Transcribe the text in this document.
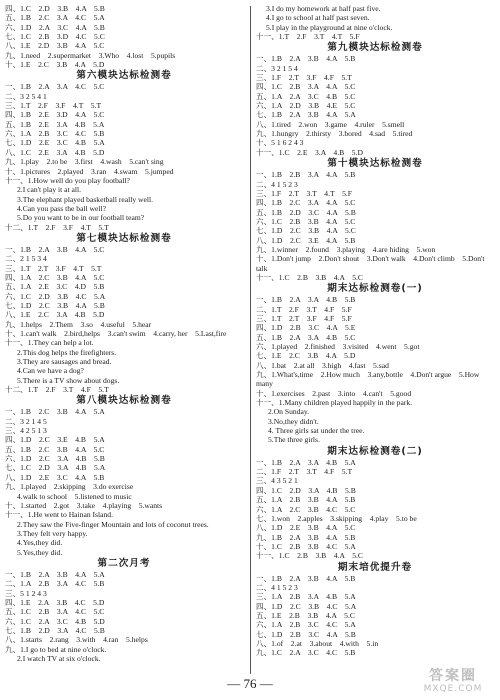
四、1.C　2.D　3.B　4.A　5.B
五、1.B　2.C　3.A　4.C　5.A
六、1.D　2.A　3.C　4.A　5.B
七、1.C　2.B　3.D　4.C　5.C
八、1.E　2.D　3.B　4.A　5.C
九、1.need　2.supermarket　3.Who　4.lost　5.pupils
十、1.E　2.C　3.B　4.A　5.D
第六模块达标检测卷
一、1.B　2.A　3.A　4.C　5.C
二、3 2 5 4 1
三、1.T　2.F　3.F　4.T　5.T
四、1.B　2.E　3.D　4.A　5.C
五、1.B　2.E　3.A　4.B　5.A
六、1.A　2.B　3.C　4.C　5.B
七、1.D　2.E　3.C　4.B　5.A
八、1.C　2.E　3.A　4.B　5.D
九、1.play　2.to be　3.first　4.wash　5.can't sing
十、1.pictures　2.played　3.ran　4.swam　5.jumped
十一、1.How well do you play football?
2.I can't play it at all.
3.The elephant played basketball really well.
4.Can you pass the ball well?
5.Do you want to be in our football team?
十二、1.T　2.F　3.F　4.T　5.T
第七模块达标检测卷
一、1.B　2.A　3.B　4.A　5.C
二、2 1 5 3 4
三、1.T　2.T　3.F　4.T　5.T
四、1.A　2.C　3.B　4.A　5.C
五、1.A　2.E　3.C　4.D　5.B
六、1.C　2.D　3.B　4.C　5.A
七、1.D　2.C　3.B　4.A　5.B
八、1.E　2.C　3.A　4.B　5.D
九、1.helps　2.Them　3.so　4.useful　5.hear
十、1.can't walk　2.bird,helps　3.can't swim　4.carry, her　5.Last,fire
十一、1.They can help a lot.
2.This dog helps the firefighters.
3.They are sausages and bread.
4.Can we have a dog?
5.There is a TV show about dogs.
十二、1.T　2.F　3.T　4.F　5.T
第八模块达标检测卷
一、1.B　2.C　3.B　4.A　5.A
二、3 2 1 4 5
三、4 2 5 1 3
四、1.D　2.C　3.E　4.B　5.A
五、1.B　2.C　3.B　4.A　5.C
六、1.D　2.C　3.A　4.B　5.B
七、1.C　2.D　3.A　4.B　5.A
八、1.D　2.E　3.C　4.A　5.B
九、1.played　2.skipping　3.do exercise
4.walk to school　5.listened to music
十、1.started　2.got　3.take　4.playing　5.wants
十一、1.He went to Hainan Island.
2.They saw the Five-finger Mountain and lots of coconut trees.
3.They felt very happy.
4.Yes,they did.
5.Yes,they did.
第二次月考
一、1.B　2.A　3.B　4.A　5.A
二、1.A　2.B　3.A　4.C　5.B
三、5 1 2 4 3
四、1.E　2.A　3.B　4.C　5.D
五、1.C　2.B　3.A　4.C　5.C
六、1.C　2.A　3.C　4.B　5.D
七、1.B　2.D　3.A　4.C　5.B
八、1.starts　2.rang　3.with　4.ran　5.helps
九、1.I go to bed at nine o'clock.
2.I watch TV at six o'clock.
3.I do my homework at half past five.
4.I go to school at half past seven.
5.I play in the playground at nine o'clock.
十一、1.T　2.F　3.T　4.T　5.F
第九模块达标检测卷
一、1.B　2.A　3.B　4.A　5.B
二、3 2 1 5 4
三、1.F　2.T　3.F　4.F　5.T
四、1.C　2.B　3.A　4.A　5.C
五、1.A　2.A　3.C　4.B　5.C
六、1.A　2.D　3.B　4.E　5.C
七、1.B　2.A　3.B　4.A　5.A
八、1.tired　2.won　3.game　4.ruler　5.smell
九、1.hungry　2.thirsty　3.bored　4.sad　5.tired
十、5 1 6 2 4 3
十一、1.C　2.E　3.A　4.B　5.D
第十模块达标检测卷
一、1.B　2.B　3.A　4.A　5.B
二、4 1 5 2 3
三、1.F　2.T　3.T　4.T　5.F
四、1.B　2.C　3.A　4.A　5.C
五、1.B　2.D　3.C　4.A　5.B
六、1.C　2.B　3.B　4.A　5.C
七、1.D　2.C　3.B　4.A　5.C
八、1.D　2.C　3.E　4.A　5.B
九、1.winner　2.found　3.playing　4.are hiding　5.won
十、1.Don't jump　2.Don't shout　3.Don't walk　4.Don't climb　5.Don't talk
十一、1.C　2.B　3.B　4.A　5.C
期末达标检测卷(一)
一、1.B　2.A　3.A　4.B　5.B
二、1.T　2.F　3.T　4.F　5.F
三、1.T　2.T　3.F　4.F　5.F
四、1.D　2.B　3.C　4.A　5.E
五、1.B　2.A　3.A　4.B　5.C
六、1.played　2.finished　3.visited　4.went　5.got
七、1.E　2.C　3.B　4.A　5.D
八、1.bat　2.at all　3.high　4.fast　5.sad
九、1.What's,time　2.How much　3.any,bottle　4.Don't argue　5.How many
十、1.exercises　2.past　3.into　4.can't　5.good
十一、1.Many children played happily in the park.
2.On Sunday.
3.No,they didn't.
4. Three girls sat under the tree.
5.The three girls.
期末达标检测卷(二)
一、1.B　2.A　3.A　4.B　5.A
二、1.F　2.T　3.T　4.F　5.T
三、4 3 5 2 1
四、1.C　2.D　3.A　4.B　5.B
五、1.A　2.B　3.B　4.A　5.B
六、1.A　2.C　3.B　4.C　5.C
七、1.won　2.apples　3.skipping　4.play　5.to be
八、1.D　2.E　3.B　4.A　5.C
九、1.B　2.A　3.B　4.A　5.B
十、1.C　2.B　3.B　4.C　5.A
十一、1.C　2.B　3.B　4.A　5.C
期末培优提升卷
一、1.B　2.A　3.B　4.A　5.B
二、4 1 5 2 3
三、1.A　2.B　3.A　4.B　5.A
四、1.D　2.C　3.B　4.C　5.A
五、1.E　2.B　3.B　4.A　5.C
六、1.A　2.B　3.C　4.C　5.A
七、1.D　2.B　3.C　4.A　5.B
八、1.of　2.at　3.about　4.with　5.in
九、1.C　2.A　3.C　4.C　5.B
— 76 —	答案圈
MXQE.COM
